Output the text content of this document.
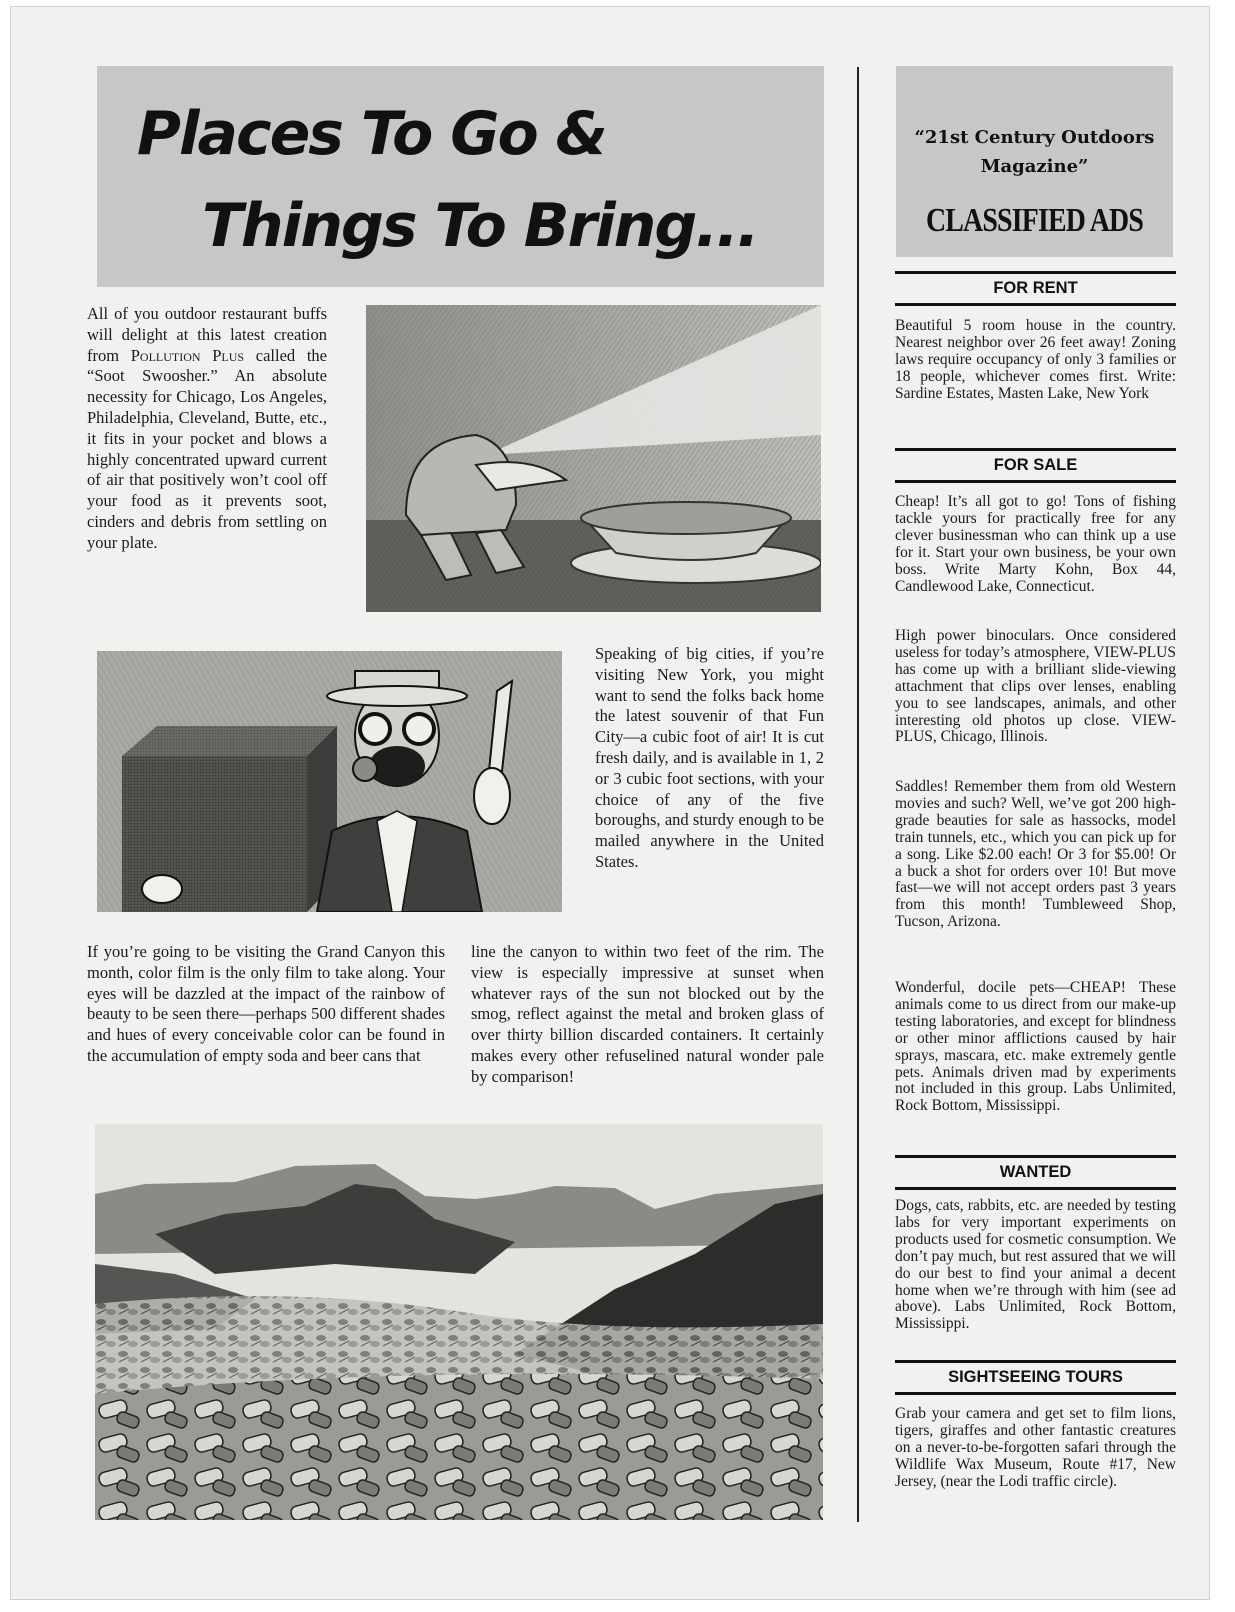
Places To Go &
Things To Bring...

All of you outdoor restaurant buffs will delight at this latest creation from Pollution Plus called the “Soot Swoosher.” An absolute necessity for Chicago, Los Angeles, Philadelphia, Cleveland, Butte, etc., it fits in your pocket and blows a highly concentrated upward current of air that positively won’t cool off your food as it prevents soot, cinders and debris from settling on your plate.

Speaking of big cities, if you’re visiting New York, you might want to send the folks back home the latest souvenir of that Fun City—a cubic foot of air! It is cut fresh daily, and is available in 1, 2 or 3 cubic foot sections, with your choice of any of the five boroughs, and sturdy enough to be mailed anywhere in the United States.

If you’re going to be visiting the Grand Canyon this month, color film is the only film to take along. Your eyes will be dazzled at the impact of the rainbow of beauty to be seen there—perhaps 500 different shades and hues of every conceivable color can be found in the accumulation of empty soda and beer cans that

line the canyon to within two feet of the rim. The view is especially impressive at sunset when whatever rays of the sun not blocked out by the smog, reflect against the metal and broken glass of over thirty billion discarded containers. It certainly makes every other refuselined natural wonder pale by comparison!

“21st Century Outdoors Magazine”
CLASSIFIED ADS
FOR RENT

Beautiful 5 room house in the country. Nearest neighbor over 26 feet away! Zoning laws require occupancy of only 3 families or 18 people, whichever comes first. Write: Sardine Estates, Masten Lake, New York

FOR SALE

Cheap! It’s all got to go! Tons of fishing tackle yours for practically free for any clever businessman who can think up a use for it. Start your own business, be your own boss. Write Marty Kohn, Box 44, Candlewood Lake, Connecticut.

High power binoculars. Once considered useless for today’s atmosphere, VIEW-PLUS has come up with a brilliant slide-viewing attachment that clips over lenses, enabling you to see landscapes, animals, and other interesting old photos up close. VIEW-PLUS, Chicago, Illinois.

Saddles! Remember them from old Western movies and such? Well, we’ve got 200 high-grade beauties for sale as hassocks, model train tunnels, etc., which you can pick up for a song. Like $2.00 each! Or 3 for $5.00! Or a buck a shot for orders over 10! But move fast—we will not accept orders past 3 years from this month! Tumbleweed Shop, Tucson, Arizona.

Wonderful, docile pets—CHEAP! These animals come to us direct from our make-up testing laboratories, and except for blindness or other minor afflictions caused by hair sprays, mascara, etc. make extremely gentle pets. Animals driven mad by experiments not included in this group. Labs Unlimited, Rock Bottom, Mississippi.

WANTED

Dogs, cats, rabbits, etc. are needed by testing labs for very important experiments on products used for cosmetic consumption. We don’t pay much, but rest assured that we will do our best to find your animal a decent home when we’re through with him (see ad above). Labs Unlimited, Rock Bottom, Mississippi.

SIGHTSEEING TOURS

Grab your camera and get set to film lions, tigers, giraffes and other fantastic creatures on a never-to-be-forgotten safari through the Wildlife Wax Museum, Route #17, New Jersey, (near the Lodi traffic circle).
